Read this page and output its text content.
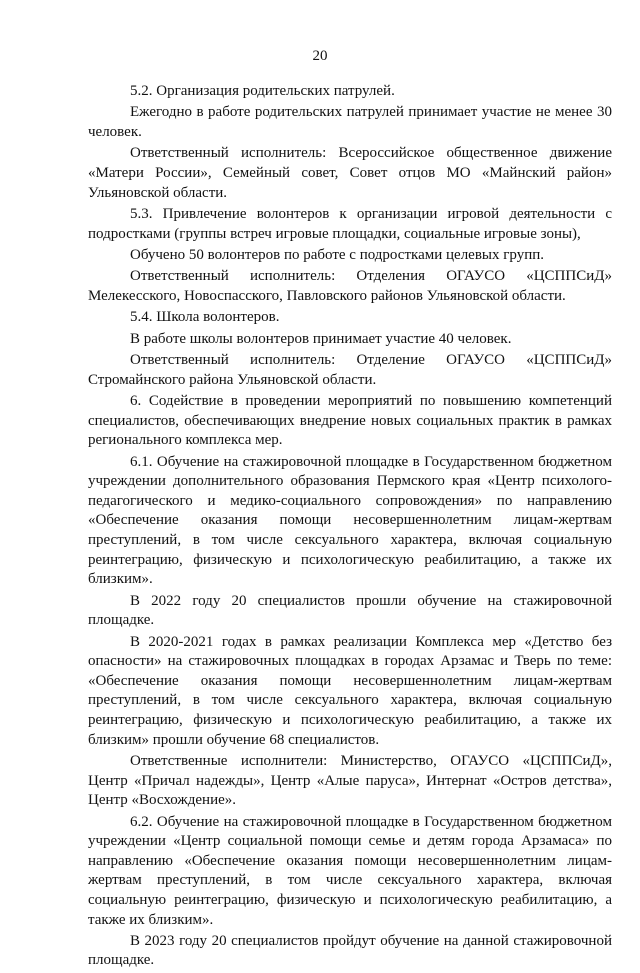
20

5.2. Организация родительских патрулей.

Ежегодно в работе родительских патрулей принимает участие не менее 30 человек.

Ответственный исполнитель: Всероссийское общественное движение «Матери России», Семейный совет, Совет отцов МО «Майнский район» Ульяновской области.

5.3. Привлечение волонтеров к организации игровой деятельности с подростками (группы встреч игровые площадки, социальные игровые зоны),

Обучено 50 волонтеров по работе с подростками целевых групп.

Ответственный исполнитель: Отделения ОГАУСО «ЦСППСиД» Мелекесского, Новоспасского, Павловского районов Ульяновской области.

5.4. Школа волонтеров.

В работе школы волонтеров принимает участие 40 человек.

Ответственный исполнитель: Отделение ОГАУСО «ЦСППСиД» Стромайнского района Ульяновской области.

6. Содействие в проведении мероприятий по повышению компетенций специалистов, обеспечивающих внедрение новых социальных практик в рамках регионального комплекса мер.

6.1. Обучение на стажировочной площадке в Государственном бюджетном учреждении дополнительного образования Пермского края «Центр психолого-педагогического и медико-социального сопровождения» по направлению «Обеспечение оказания помощи несовершеннолетним лицам-жертвам преступлений, в том числе сексуального характера, включая социальную реинтеграцию, физическую и психологическую реабилитацию, а также их близким».

В 2022 году 20 специалистов прошли обучение на стажировочной площадке.

В 2020-2021 годах в рамках реализации Комплекса мер «Детство без опасности» на стажировочных площадках в городах Арзамас и Тверь по теме: «Обеспечение оказания помощи несовершеннолетним лицам-жертвам преступлений, в том числе сексуального характера, включая социальную реинтеграцию, физическую и психологическую реабилитацию, а также их близким» прошли обучение 68 специалистов.

Ответственные исполнители: Министерство, ОГАУСО «ЦСППСиД», Центр «Причал надежды», Центр «Алые паруса», Интернат «Остров детства», Центр «Восхождение».

6.2. Обучение на стажировочной площадке в Государственном бюджетном учреждении «Центр социальной помощи семье и детям города Арзамаса» по направлению «Обеспечение оказания помощи несовершеннолетним лицам-жертвам преступлений, в том числе сексуального характера, включая социальную реинтеграцию, физическую и психологическую реабилитацию, а также их близким».

В 2023 году 20 специалистов пройдут обучение на данной стажировочной площадке.
